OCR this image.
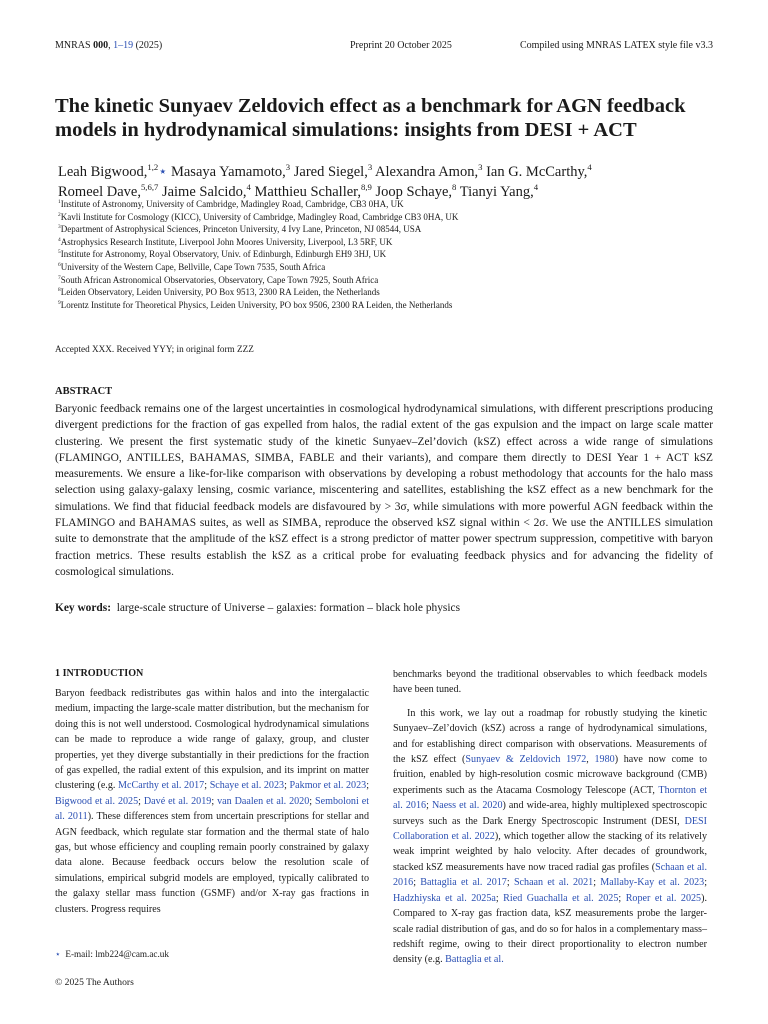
MNRAS 000, 1–19 (2025)	Preprint 20 October 2025	Compiled using MNRAS LATEX style file v3.3
The kinetic Sunyaev Zeldovich effect as a benchmark for AGN feedback models in hydrodynamical simulations: insights from DESI + ACT
Leah Bigwood,$^{1,2}$⋆ Masaya Yamamoto,$^3$ Jared Siegel,$^3$ Alexandra Amon,$^3$ Ian G. McCarthy,$^4$
Romeel Dave,$^{5,6,7}$ Jaime Salcido,$^4$ Matthieu Schaller,$^{8,9}$ Joop Schaye,$^8$ Tianyi Yang,$^4$
$^1$Institute of Astronomy, University of Cambridge, Madingley Road, Cambridge, CB3 0HA, UK
$^2$Kavli Institute for Cosmology (KICC), University of Cambridge, Madingley Road, Cambridge CB3 0HA, UK
$^3$Department of Astrophysical Sciences, Princeton University, 4 Ivy Lane, Princeton, NJ 08544, USA
$^4$Astrophysics Research Institute, Liverpool John Moores University, Liverpool, L3 5RF, UK
$^5$Institute for Astronomy, Royal Observatory, Univ. of Edinburgh, Edinburgh EH9 3HJ, UK
$^6$University of the Western Cape, Bellville, Cape Town 7535, South Africa
$^7$South African Astronomical Observatories, Observatory, Cape Town 7925, South Africa
$^8$Leiden Observatory, Leiden University, PO Box 9513, 2300 RA Leiden, the Netherlands
$^9$Lorentz Institute for Theoretical Physics, Leiden University, PO box 9506, 2300 RA Leiden, the Netherlands
Accepted XXX. Received YYY; in original form ZZZ
ABSTRACT

Baryonic feedback remains one of the largest uncertainties in cosmological hydrodynamical simulations, with different prescriptions producing divergent predictions for the fraction of gas expelled from halos, the radial extent of the gas expulsion and the impact on large scale matter clustering. We present the first systematic study of the kinetic Sunyaev–Zel’dovich (kSZ) effect across a wide range of simulations (FLAMINGO, ANTILLES, BAHAMAS, SIMBA, FABLE and their variants), and compare them directly to DESI Year 1 + ACT kSZ measurements. We ensure a like-for-like comparison with observations by developing a robust methodology that accounts for the halo mass selection using galaxy-galaxy lensing, cosmic variance, miscentering and satellites, establishing the kSZ effect as a new benchmark for the simulations. We find that fiducial feedback models are disfavoured by > 3σ, while simulations with more powerful AGN feedback within the FLAMINGO and BAHAMAS suites, as well as SIMBA, reproduce the observed kSZ signal within < 2σ. We use the ANTILLES simulation suite to demonstrate that the amplitude of the kSZ effect is a strong predictor of matter power spectrum suppression, competitive with baryon fraction metrics. These results establish the kSZ as a critical probe for evaluating feedback physics and for advancing the fidelity of cosmological simulations.

Key words: large-scale structure of Universe – galaxies: formation – black hole physics
1 INTRODUCTION

Baryon feedback redistributes gas within halos and into the intergalactic medium, impacting the large-scale matter distribution, but the mechanism for doing this is not well understood. Cosmological hydrodynamical simulations can be made to reproduce a wide range of galaxy, group, and cluster properties, yet they diverge substantially in their predictions for the fraction of gas expelled, the radial extent of this expulsion, and its imprint on matter clustering (e.g. McCarthy et al. 2017; Schaye et al. 2023; Pakmor et al. 2023; Bigwood et al. 2025; Davé et al. 2019; van Daalen et al. 2020; Semboloni et al. 2011). These differences stem from uncertain prescriptions for stellar and AGN feedback, which regulate star formation and the thermal state of halo gas, but whose efficiency and coupling remain poorly constrained by galaxy data alone. Because feedback occurs below the resolution scale of simulations, empirical subgrid models are employed, typically calibrated to the galaxy stellar mass function (GSMF) and/or X-ray gas fractions in clusters. Progress requires

benchmarks beyond the traditional observables to which feedback models have been tuned.

In this work, we lay out a roadmap for robustly studying the kinetic Sunyaev–Zel’dovich (kSZ) across a range of hydrodynamical simulations, and for establishing direct comparison with observations. Measurements of the kSZ effect (Sunyaev & Zeldovich 1972, 1980) have now come to fruition, enabled by high-resolution cosmic microwave background (CMB) experiments such as the Atacama Cosmology Telescope (ACT, Thornton et al. 2016; Naess et al. 2020) and wide-area, highly multiplexed spectroscopic surveys such as the Dark Energy Spectroscopic Instrument (DESI, DESI Collaboration et al. 2022), which together allow the stacking of its relatively weak imprint weighted by halo velocity. After decades of groundwork, stacked kSZ measurements have now traced radial gas profiles (Schaan et al. 2016; Battaglia et al. 2017; Schaan et al. 2021; Mallaby-Kay et al. 2023; Hadzhiyska et al. 2025a; Ried Guachalla et al. 2025; Roper et al. 2025). Compared to X-ray gas fraction data, kSZ measurements probe the larger-scale radial distribution of gas, and do so for halos in a complementary mass–redshift regime, owing to their direct proportionality to electron number density (e.g. Battaglia et al.

⋆ E-mail: lmb224@cam.ac.uk
© 2025 The Authors
